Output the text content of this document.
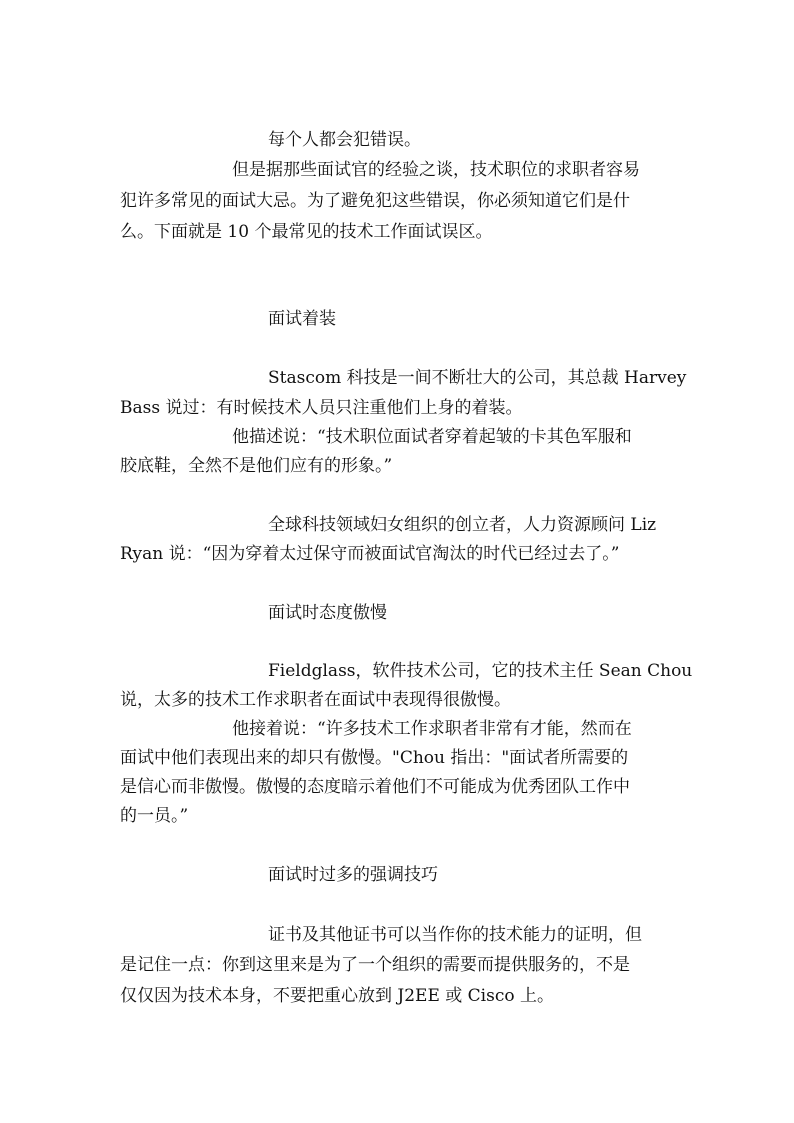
每个人都会犯错误。

但是据那些面试官的经验之谈，技术职位的求职者容易

犯许多常见的面试大忌。为了避免犯这些错误，你必须知道它们是什

么。下面就是 10 个最常见的技术工作面试误区。

面试着装

Stascom 科技是一间不断壮大的公司，其总裁 Harvey

Bass 说过：有时候技术人员只注重他们上身的着装。

他描述说：“技术职位面试者穿着起皱的卡其色军服和

胶底鞋，全然不是他们应有的形象。”

全球科技领域妇女组织的创立者，人力资源顾问 Liz

Ryan 说：“因为穿着太过保守而被面试官淘汰的时代已经过去了。”

面试时态度傲慢

Fieldglass，软件技术公司，它的技术主任 Sean Chou

说，太多的技术工作求职者在面试中表现得很傲慢。

他接着说：“许多技术工作求职者非常有才能，然而在

面试中他们表现出来的却只有傲慢。"Chou 指出："面试者所需要的

是信心而非傲慢。傲慢的态度暗示着他们不可能成为优秀团队工作中

的一员。”

面试时过多的强调技巧

证书及其他证书可以当作你的技术能力的证明，但

是记住一点：你到这里来是为了一个组织的需要而提供服务的，不是

仅仅因为技术本身，不要把重心放到 J2EE 或 Cisco 上。
